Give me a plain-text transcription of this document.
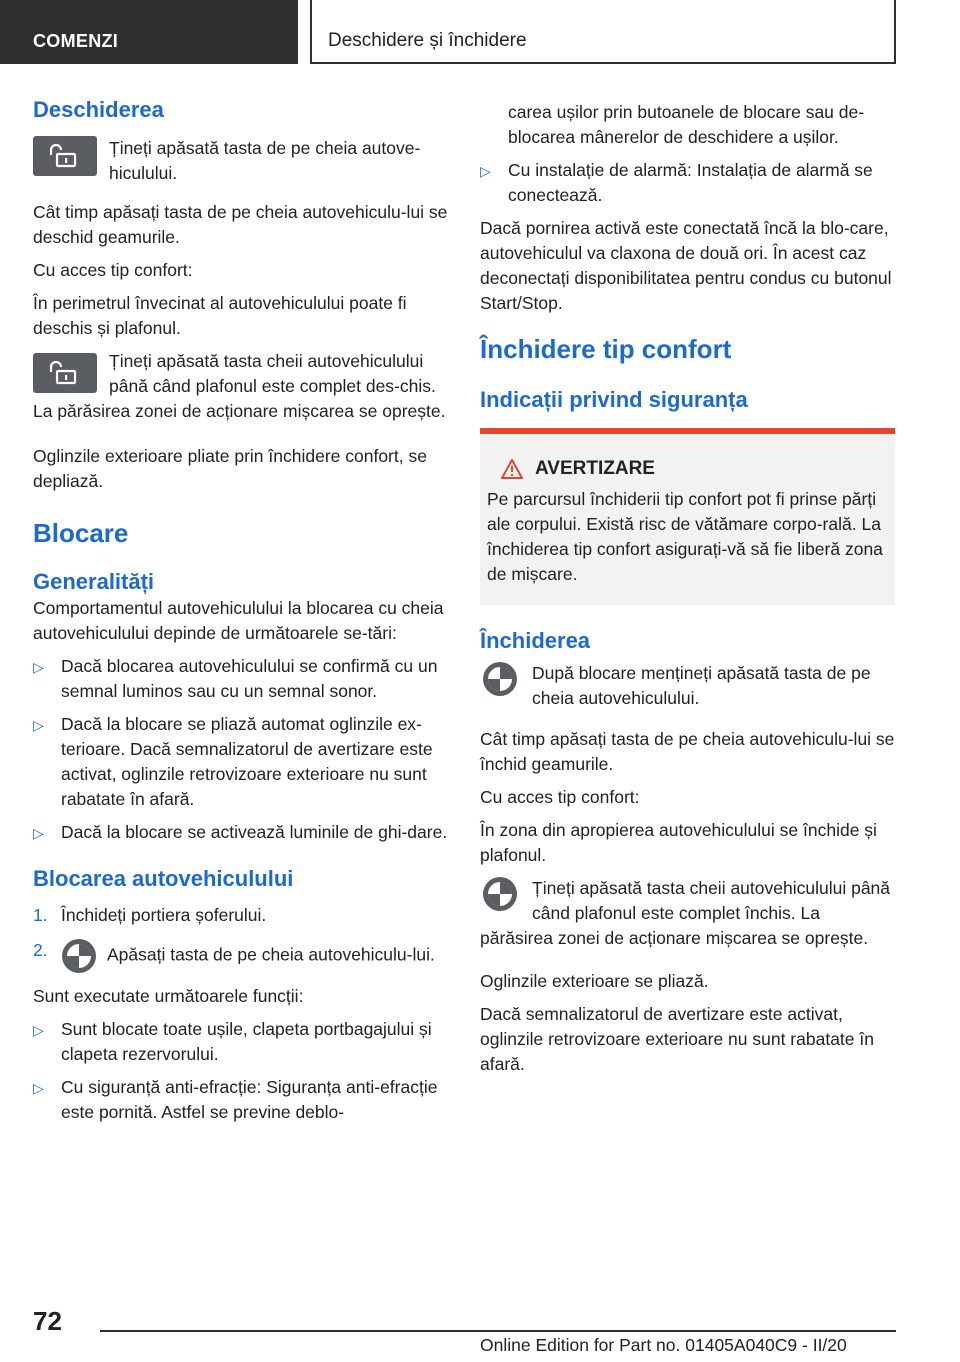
COMENZI	Deschidere și închidere
Deschiderea

Țineți apăsată tasta de pe cheia autove‐hiculului.

Cât timp apăsați tasta de pe cheia autovehiculu‐lui se deschid geamurile.

Cu acces tip confort:

În perimetrul învecinat al autovehiculului poate fi deschis și plafonul.

Țineți apăsată tasta cheii autovehiculului până când plafonul este complet des‐chis. La părăsirea zonei de acționare mișcarea se oprește.

Oglinzile exterioare pliate prin închidere confort, se depliază.

Blocare
Generalități

Comportamentul autovehiculului la blocarea cu cheia autovehiculului depinde de următoarele se‐tări:

▷ Dacă blocarea autovehiculului se confirmă cu un semnal luminos sau cu un semnal sonor.
▷ Dacă la blocare se pliază automat oglinzile ex‐terioare. Dacă semnalizatorul de avertizare este activat, oglinzile retrovizoare exterioare nu sunt rabatate în afară.
▷ Dacă la blocare se activează luminile de ghi‐dare.
Blocarea autovehiculului
1. Închideți portiera șoferului.
2.	Apăsați tasta de pe cheia autovehiculu‐lui.

Sunt executate următoarele funcții:

▷ Sunt blocate toate ușile, clapeta portbagajului și clapeta rezervorului.
▷ Cu siguranță anti-efracție: Siguranța anti‐efracție este pornită. Astfel se previne deblo‐

carea ușilor prin butoanele de blocare sau de‐blocarea mânerelor de deschidere a ușilor.

▷ Cu instalație de alarmă: Instalația de alarmă se conectează.

Dacă pornirea activă este conectată încă la blo‐care, autovehiculul va claxona de două ori. În acest caz deconectați disponibilitatea pentru condus cu butonul Start/Stop.

Închidere tip confort
Indicații privind siguranța
AVERTIZARE
Pe parcursul închiderii tip confort pot fi prinse părți ale corpului. Există risc de vătămare corpo‐rală. La închiderea tip confort asigurați-vă să fie liberă zona de mișcare.
Închiderea

După blocare mențineți apăsată tasta de pe cheia autovehiculului.

Cât timp apăsați tasta de pe cheia autovehiculu‐lui se închid geamurile.

Cu acces tip confort:

În zona din apropierea autovehiculului se închide și plafonul.

Țineți apăsată tasta cheii autovehiculului până când plafonul este complet închis. La părăsirea zonei de acționare mișcarea se oprește.

Oglinzile exterioare se pliază.

Dacă semnalizatorul de avertizare este activat, oglinzile retrovizoare exterioare nu sunt rabatate în afară.

72
Online Edition for Part no. 01405A040C9 - II/20
